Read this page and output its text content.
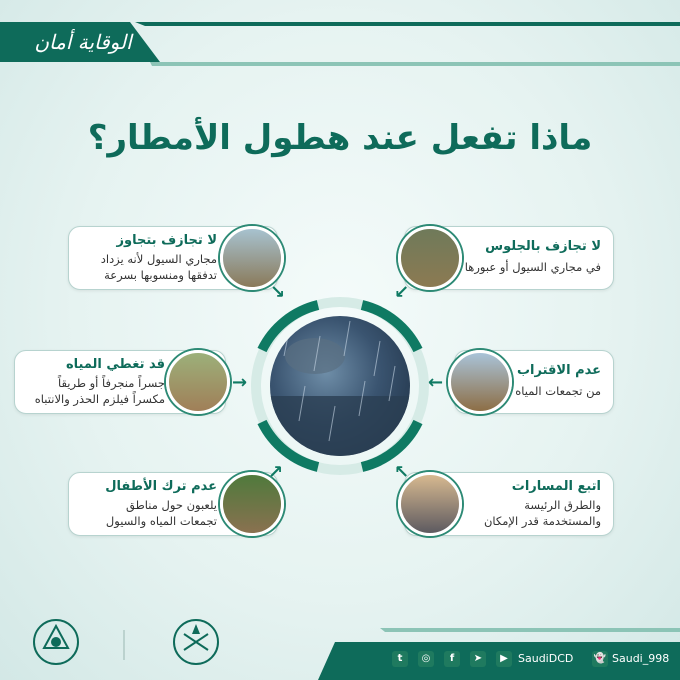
الوقاية أمان
ماذا تفعل عند هطول الأمطار؟
لا تجازف بتجاوز
مجاري السيول لأنه يزداد
تدفقها ومنسوبها بسرعة
↘
لا تجازف بالجلوس
في مجاري السيول أو عبورها
↙
قد تغطي المياه
جسراً منجرفاً أو طريقاً
مكسراً فيلزم الحذر والانتباه
→
عدم الاقتراب
من تجمعات المياه
←
عدم ترك الأطفال
يلعبون حول مناطق
تجمعات المياه والسيول
↗
اتبع المسارات
والطرق الرئيسة
والمستخدمة قدر الإمكان
↖
t	◎	f	➤	▶ SaudiDCD 👻 Saudi_998
